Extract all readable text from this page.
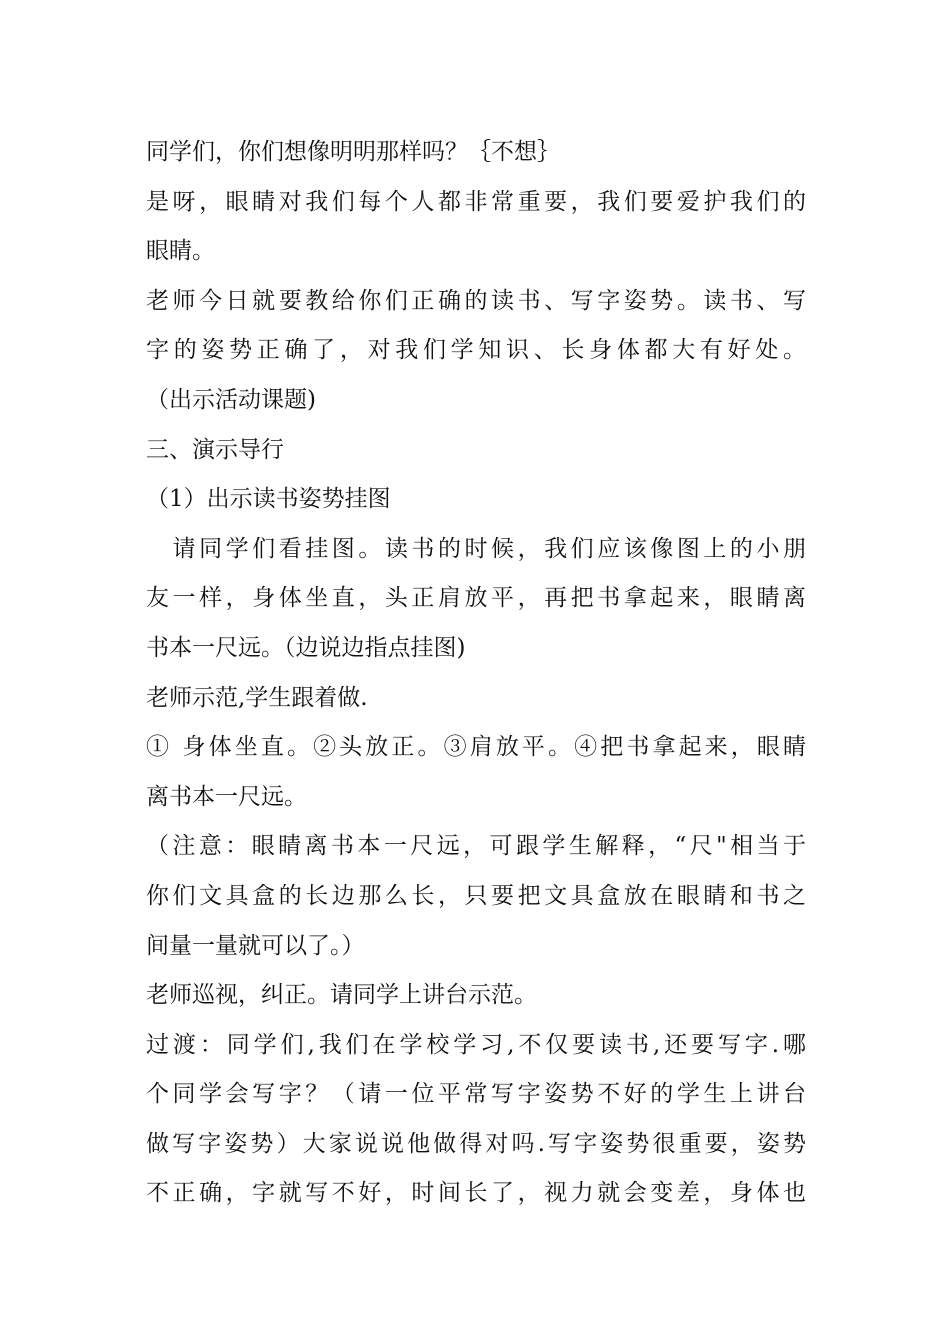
同学们，你们想像明明那样吗？｛不想｝
是呀，眼睛对我们每个人都非常重要，我们要爱护我们的
眼睛。
老师今日就要教给你们正确的读书、写字姿势。读书、写
字的姿势正确了，对我们学知识、长身体都大有好处。
（出示活动课题)
三、演示导行
（1）出示读书姿势挂图
　请同学们看挂图。读书的时候，我们应该像图上的小朋
友一样，身体坐直，头正肩放平，再把书拿起来，眼睛离
书本一尺远。（边说边指点挂图)
老师示范,学生跟着做.
① 身体坐直。②头放正。③肩放平。④把书拿起来，眼睛
离书本一尺远。
（注意：眼睛离书本一尺远，可跟学生解释，“尺"相当于
你们文具盒的长边那么长，只要把文具盒放在眼睛和书之
间量一量就可以了。）
老师巡视，纠正。请同学上讲台示范。
过渡：同学们,我们在学校学习,不仅要读书,还要写字.哪
个同学会写字？（请一位平常写字姿势不好的学生上讲台
做写字姿势）大家说说他做得对吗.写字姿势很重要，姿势
不正确，字就写不好，时间长了，视力就会变差，身体也
